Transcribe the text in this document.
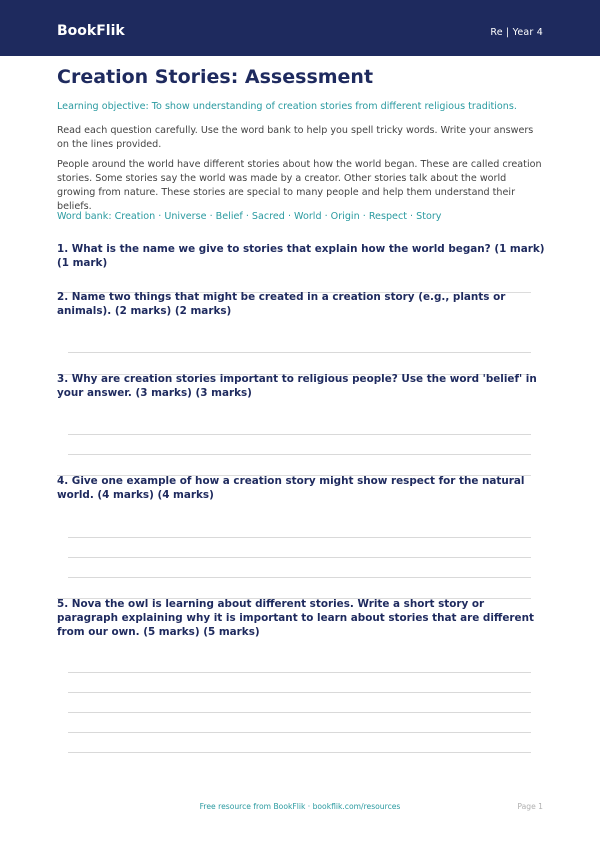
BookFlik	Re | Year 4
Creation Stories: Assessment
Learning objective: To show understanding of creation stories from different religious traditions.
Read each question carefully. Use the word bank to help you spell tricky words. Write your answers on the lines provided.
People around the world have different stories about how the world began. These are called creation stories. Some stories say the world was made by a creator. Other stories talk about the world growing from nature. These stories are special to many people and help them understand their beliefs.
Word bank: Creation · Universe · Belief · Sacred · World · Origin · Respect · Story
1. What is the name we give to stories that explain how the world began? (1 mark) (1 mark)
2. Name two things that might be created in a creation story (e.g., plants or animals). (2 marks) (2 marks)
3. Why are creation stories important to religious people? Use the word 'belief' in your answer. (3 marks) (3 marks)
4. Give one example of how a creation story might show respect for the natural world. (4 marks) (4 marks)
5. Nova the owl is learning about different stories. Write a short story or paragraph explaining why it is important to learn about stories that are different from our own. (5 marks) (5 marks)
Free resource from BookFlik · bookflik.com/resources	Page 1
